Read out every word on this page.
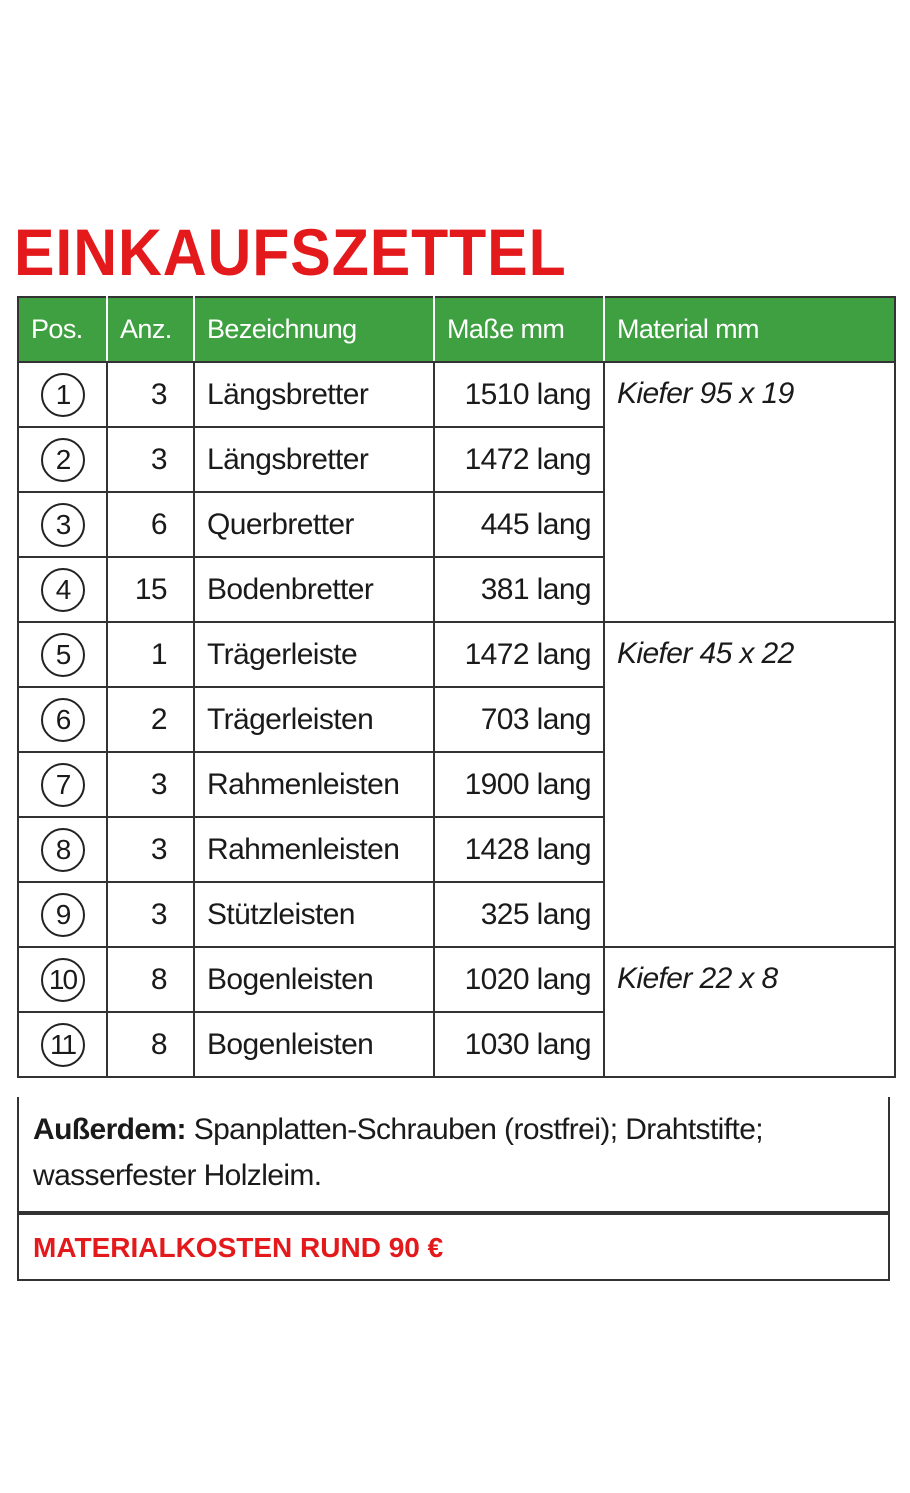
EINKAUFSZETTEL
Pos.	Anz.	Bezeichnung	Maße mm	Material mm
1	3	Längsbretter	1510 lang	Kiefer 95 x 19
2	3	Längsbretter	1472 lang	
3	6	Querbretter	445 lang	
4	15	Bodenbretter	381 lang	
5	1	Trägerleiste	1472 lang	Kiefer 45 x 22
6	2	Trägerleisten	703 lang	
7	3	Rahmenleisten	1900 lang	
8	3	Rahmenleisten	1428 lang	
9	3	Stützleisten	325 lang	
10	8	Bogenleisten	1020 lang	Kiefer 22 x 8
11	8	Bogenleisten	1030 lang	
Außerdem: Spanplatten-Schrauben (rostfrei); Drahtstifte; wasserfester Holzleim.
MATERIALKOSTEN RUND 90 €
